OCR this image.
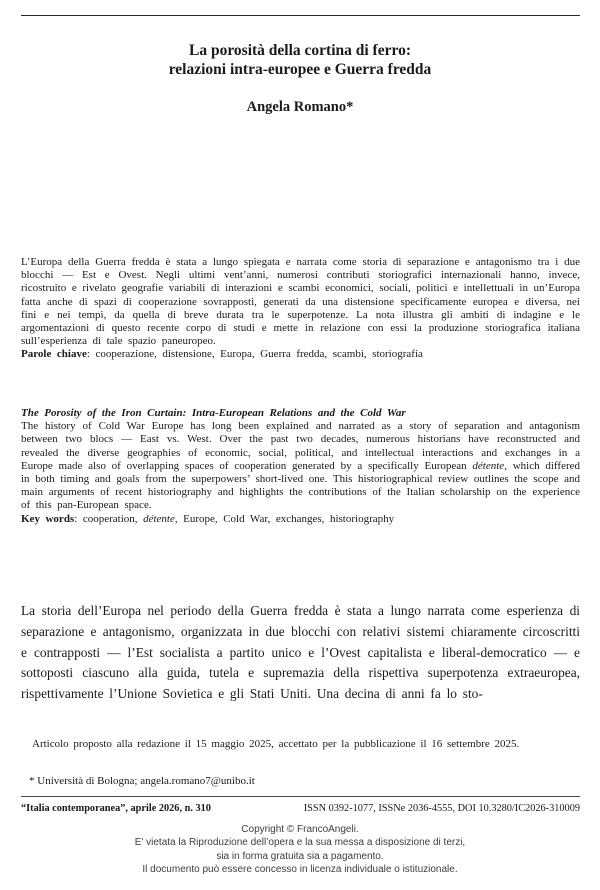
La porosità della cortina di ferro:
relazioni intra-europee e Guerra fredda
Angela Romano*
L’Europa della Guerra fredda è stata a lungo spiegata e narrata come storia di separazione e antagonismo tra i due blocchi — Est e Ovest. Negli ultimi vent’anni, numerosi contributi storiografici internazionali hanno, invece, ricostruito e rivelato geografie variabili di interazioni e scambi economici, sociali, politici e intellettuali in un’Europa fatta anche di spazi di cooperazione sovrapposti, generati da una distensione specificamente europea e diversa, nei fini e nei tempi, da quella di breve durata tra le superpotenze. La nota illustra gli ambiti di indagine e le argomentazioni di questo recente corpo di studi e mette in relazione con essi la produzione storiografica italiana sull’esperienza di tale spazio paneuropeo.
Parole chiave: cooperazione, distensione, Europa, Guerra fredda, scambi, storiografia
The Porosity of the Iron Curtain: Intra-European Relations and the Cold War
The history of Cold War Europe has long been explained and narrated as a story of separation and antagonism between two blocs — East vs. West. Over the past two decades, numerous historians have reconstructed and revealed the diverse geographies of economic, social, political, and intellectual interactions and exchanges in a Europe made also of overlapping spaces of cooperation generated by a specifically European détente, which differed in both timing and goals from the superpowers’ short-lived one. This historiographical review outlines the scope and main arguments of recent historiography and highlights the contributions of the Italian scholarship on the experience of this pan-European space.
Key words: cooperation, détente, Europe, Cold War, exchanges, historiography
La storia dell’Europa nel periodo della Guerra fredda è stata a lungo narrata come esperienza di separazione e antagonismo, organizzata in due blocchi con relativi sistemi chiaramente circoscritti e contrapposti — l’Est socialista a partito unico e l’Ovest capitalista e liberal-democratico — e sottoposti ciascuno alla guida, tutela e supremazia della rispettiva superpotenza extraeuropea, rispettivamente l’Unione Sovietica e gli Stati Uniti. Una decina di anni fa lo sto-
Articolo proposto alla redazione il 15 maggio 2025, accettato per la pubblicazione il 16 settembre 2025.
* Università di Bologna; angela.romano7@unibo.it
“Italia contemporanea”, aprile 2026, n. 310	ISSN 0392-1077, ISSNe 2036-4555, DOI 10.3280/IC2026-310009
Copyright © FrancoAngeli.
E' vietata la Riproduzione dell’opera e la sua messa a disposizione di terzi,
sia in forma gratuita sia a pagamento.
Il documento può essere concesso in licenza individuale o istituzionale.
